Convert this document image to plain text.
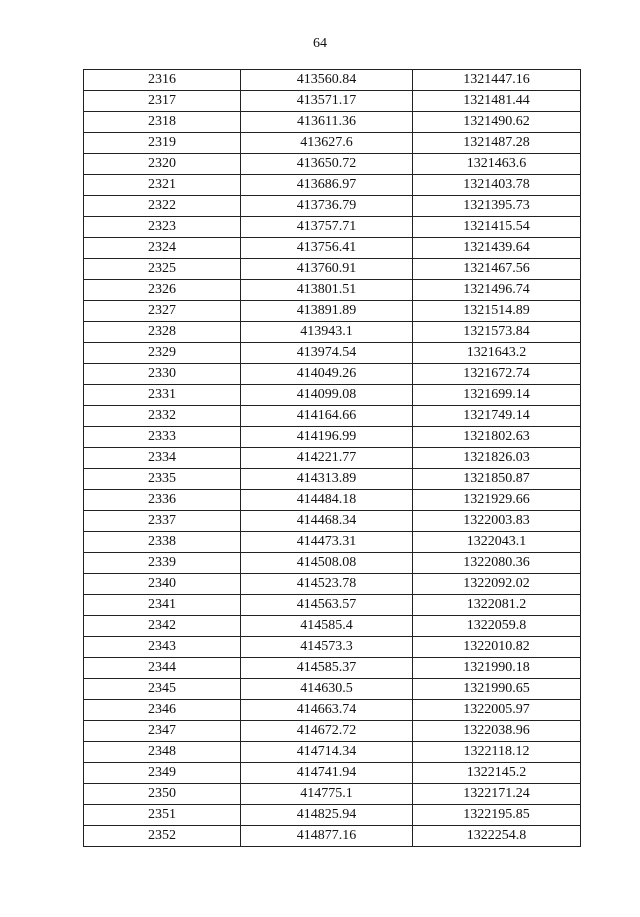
64
2316	413560.84	1321447.16
2317	413571.17	1321481.44
2318	413611.36	1321490.62
2319	413627.6	1321487.28
2320	413650.72	1321463.6
2321	413686.97	1321403.78
2322	413736.79	1321395.73
2323	413757.71	1321415.54
2324	413756.41	1321439.64
2325	413760.91	1321467.56
2326	413801.51	1321496.74
2327	413891.89	1321514.89
2328	413943.1	1321573.84
2329	413974.54	1321643.2
2330	414049.26	1321672.74
2331	414099.08	1321699.14
2332	414164.66	1321749.14
2333	414196.99	1321802.63
2334	414221.77	1321826.03
2335	414313.89	1321850.87
2336	414484.18	1321929.66
2337	414468.34	1322003.83
2338	414473.31	1322043.1
2339	414508.08	1322080.36
2340	414523.78	1322092.02
2341	414563.57	1322081.2
2342	414585.4	1322059.8
2343	414573.3	1322010.82
2344	414585.37	1321990.18
2345	414630.5	1321990.65
2346	414663.74	1322005.97
2347	414672.72	1322038.96
2348	414714.34	1322118.12
2349	414741.94	1322145.2
2350	414775.1	1322171.24
2351	414825.94	1322195.85
2352	414877.16	1322254.8
